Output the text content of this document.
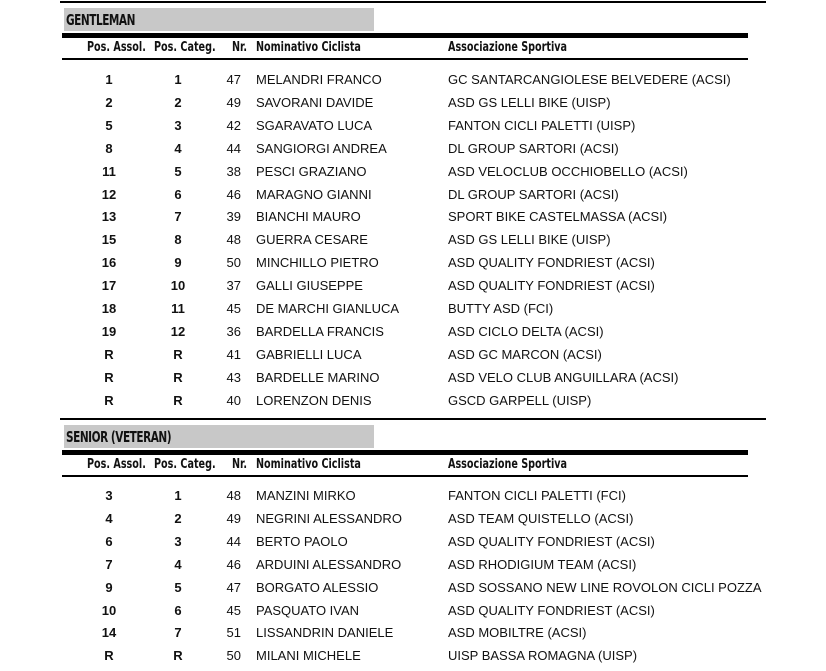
GENTLEMAN
Pos. Assol. Pos. Categ. Nr. Nominativo Ciclista	Associazione Sportiva
1	1	47 MELANDRI FRANCO	GC SANTARCANGIOLESE BELVEDERE (ACSI)
2	2	49 SAVORANI DAVIDE	ASD GS LELLI BIKE (UISP)
5	3	42 SGARAVATO LUCA	FANTON CICLI PALETTI (UISP)
8	4	44 SANGIORGI ANDREA	DL GROUP SARTORI (ACSI)
11	5	38 PESCI GRAZIANO	ASD VELOCLUB OCCHIOBELLO (ACSI)
12	6	46 MARAGNO GIANNI	DL GROUP SARTORI (ACSI)
13	7	39 BIANCHI MAURO	SPORT BIKE CASTELMASSA (ACSI)
15	8	48 GUERRA CESARE	ASD GS LELLI BIKE (UISP)
16	9	50 MINCHILLO PIETRO	ASD QUALITY FONDRIEST (ACSI)
17	10	37 GALLI GIUSEPPE	ASD QUALITY FONDRIEST (ACSI)
18	11	45 DE MARCHI GIANLUCA	BUTTY ASD (FCI)
19	12	36 BARDELLA FRANCIS	ASD CICLO DELTA (ACSI)
R	R	41 GABRIELLI LUCA	ASD GC MARCON (ACSI)
R	R	43 BARDELLE MARINO	ASD VELO CLUB ANGUILLARA (ACSI)
R	R	40 LORENZON DENIS	GSCD GARPELL (UISP)
SENIOR (VETERAN)
Pos. Assol. Pos. Categ. Nr. Nominativo Ciclista	Associazione Sportiva
3	1	48 MANZINI MIRKO	FANTON CICLI PALETTI (FCI)
4	2	49 NEGRINI ALESSANDRO	ASD TEAM QUISTELLO (ACSI)
6	3	44 BERTO PAOLO	ASD QUALITY FONDRIEST (ACSI)
7	4	46 ARDUINI ALESSANDRO	ASD RHODIGIUM TEAM (ACSI)
9	5	47 BORGATO ALESSIO	ASD SOSSANO NEW LINE ROVOLON CICLI POZZA
10	6	45 PASQUATO IVAN	ASD QUALITY FONDRIEST (ACSI)
14	7	51 LISSANDRIN DANIELE	ASD MOBILTRE (ACSI)
R	R	50 MILANI MICHELE	UISP BASSA ROMAGNA (UISP)
